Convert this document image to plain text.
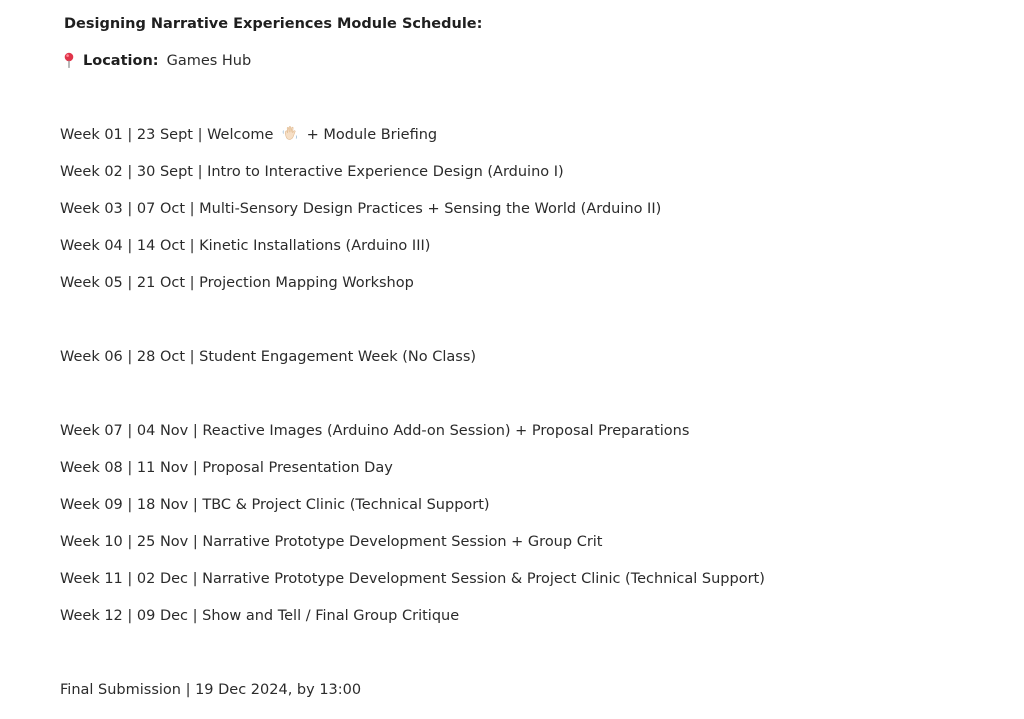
Designing Narrative Experiences Module Schedule:
Location: Games Hub
Week 01 | 23 Sept | Welcome + Module Briefing
Week 02 | 30 Sept | Intro to Interactive Experience Design (Arduino I)
Week 03 | 07 Oct | Multi-Sensory Design Practices + Sensing the World (Arduino II)
Week 04 | 14 Oct | Kinetic Installations (Arduino III)
Week 05 | 21 Oct | Projection Mapping Workshop
Week 06 | 28 Oct | Student Engagement Week (No Class)
Week 07 | 04 Nov | Reactive Images (Arduino Add-on Session) + Proposal Preparations
Week 08 | 11 Nov | Proposal Presentation Day
Week 09 | 18 Nov | TBC & Project Clinic (Technical Support)
Week 10 | 25 Nov | Narrative Prototype Development Session + Group Crit
Week 11 | 02 Dec | Narrative Prototype Development Session & Project Clinic (Technical Support)
Week 12 | 09 Dec | Show and Tell / Final Group Critique
Final Submission | 19 Dec 2024, by 13:00
